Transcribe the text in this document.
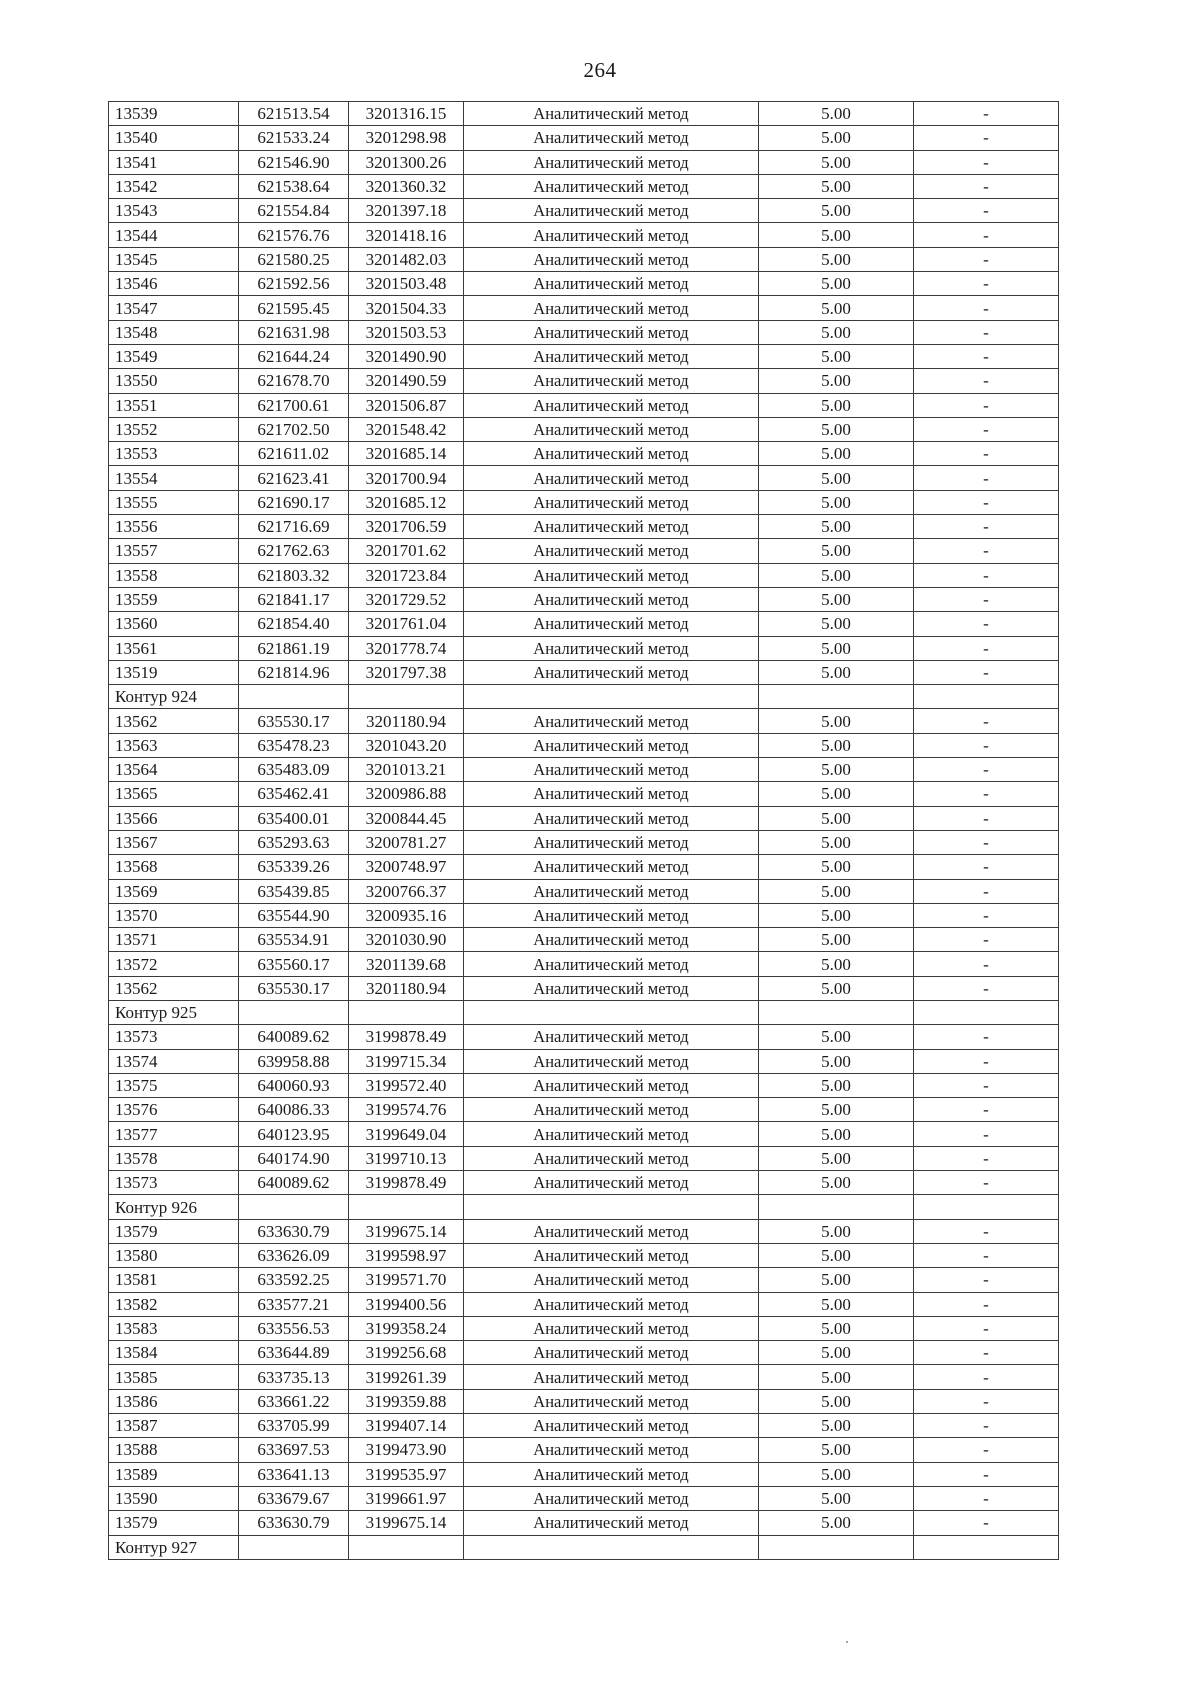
264
13539	621513.54	3201316.15	Аналитический метод	5.00	-
13540	621533.24	3201298.98	Аналитический метод	5.00	-
13541	621546.90	3201300.26	Аналитический метод	5.00	-
13542	621538.64	3201360.32	Аналитический метод	5.00	-
13543	621554.84	3201397.18	Аналитический метод	5.00	-
13544	621576.76	3201418.16	Аналитический метод	5.00	-
13545	621580.25	3201482.03	Аналитический метод	5.00	-
13546	621592.56	3201503.48	Аналитический метод	5.00	-
13547	621595.45	3201504.33	Аналитический метод	5.00	-
13548	621631.98	3201503.53	Аналитический метод	5.00	-
13549	621644.24	3201490.90	Аналитический метод	5.00	-
13550	621678.70	3201490.59	Аналитический метод	5.00	-
13551	621700.61	3201506.87	Аналитический метод	5.00	-
13552	621702.50	3201548.42	Аналитический метод	5.00	-
13553	621611.02	3201685.14	Аналитический метод	5.00	-
13554	621623.41	3201700.94	Аналитический метод	5.00	-
13555	621690.17	3201685.12	Аналитический метод	5.00	-
13556	621716.69	3201706.59	Аналитический метод	5.00	-
13557	621762.63	3201701.62	Аналитический метод	5.00	-
13558	621803.32	3201723.84	Аналитический метод	5.00	-
13559	621841.17	3201729.52	Аналитический метод	5.00	-
13560	621854.40	3201761.04	Аналитический метод	5.00	-
13561	621861.19	3201778.74	Аналитический метод	5.00	-
13519	621814.96	3201797.38	Аналитический метод	5.00	-
Контур 924					
13562	635530.17	3201180.94	Аналитический метод	5.00	-
13563	635478.23	3201043.20	Аналитический метод	5.00	-
13564	635483.09	3201013.21	Аналитический метод	5.00	-
13565	635462.41	3200986.88	Аналитический метод	5.00	-
13566	635400.01	3200844.45	Аналитический метод	5.00	-
13567	635293.63	3200781.27	Аналитический метод	5.00	-
13568	635339.26	3200748.97	Аналитический метод	5.00	-
13569	635439.85	3200766.37	Аналитический метод	5.00	-
13570	635544.90	3200935.16	Аналитический метод	5.00	-
13571	635534.91	3201030.90	Аналитический метод	5.00	-
13572	635560.17	3201139.68	Аналитический метод	5.00	-
13562	635530.17	3201180.94	Аналитический метод	5.00	-
Контур 925					
13573	640089.62	3199878.49	Аналитический метод	5.00	-
13574	639958.88	3199715.34	Аналитический метод	5.00	-
13575	640060.93	3199572.40	Аналитический метод	5.00	-
13576	640086.33	3199574.76	Аналитический метод	5.00	-
13577	640123.95	3199649.04	Аналитический метод	5.00	-
13578	640174.90	3199710.13	Аналитический метод	5.00	-
13573	640089.62	3199878.49	Аналитический метод	5.00	-
Контур 926					
13579	633630.79	3199675.14	Аналитический метод	5.00	-
13580	633626.09	3199598.97	Аналитический метод	5.00	-
13581	633592.25	3199571.70	Аналитический метод	5.00	-
13582	633577.21	3199400.56	Аналитический метод	5.00	-
13583	633556.53	3199358.24	Аналитический метод	5.00	-
13584	633644.89	3199256.68	Аналитический метод	5.00	-
13585	633735.13	3199261.39	Аналитический метод	5.00	-
13586	633661.22	3199359.88	Аналитический метод	5.00	-
13587	633705.99	3199407.14	Аналитический метод	5.00	-
13588	633697.53	3199473.90	Аналитический метод	5.00	-
13589	633641.13	3199535.97	Аналитический метод	5.00	-
13590	633679.67	3199661.97	Аналитический метод	5.00	-
13579	633630.79	3199675.14	Аналитический метод	5.00	-
Контур 927					
